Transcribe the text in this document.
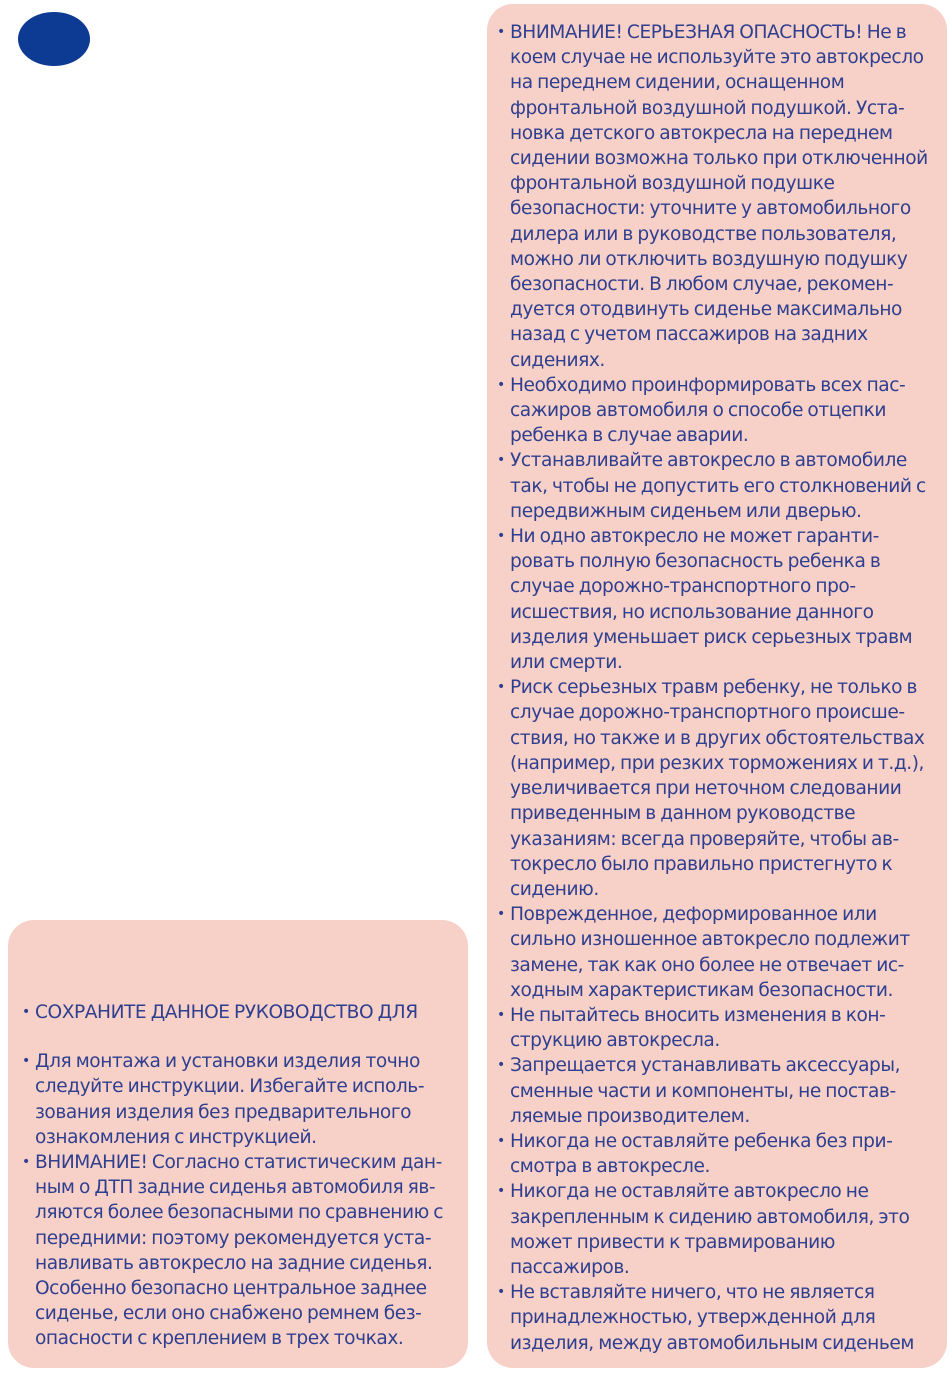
• ВНИМАНИЕ! СЕРЬЕЗНАЯ ОПАСНОСТЬ! Не в коем случае не используйте это автокресло на переднем сидении, оснащенном фронтальной воздушной подушкой. Установка детского автокресла на переднем сидении возможна только при отключенной фронтальной воздушной подушке безопасности: уточните у автомобильного дилера или в руководстве пользователя, можно ли отключить воздушную подушку безопасности. В любом случае, рекомендуется отодвинуть сиденье максимально назад с учетом пассажиров на задних сидениях.
• Необходимо проинформировать всех пассажиров автомобиля о способе отцепки ребенка в случае аварии.
• Устанавливайте автокресло в автомобиле так, чтобы не допустить его столкновений с передвижным сиденьем или дверью.
• Ни одно автокресло не может гарантировать полную безопасность ребенка в случае дорожно-транспортного происшествия, но использование данного изделия уменьшает риск серьезных травм или смерти.
• Риск серьезных травм ребенку, не только в случае дорожно-транспортного происшествия, но также и в других обстоятельствах (например, при резких торможениях и т.д.), увеличивается при неточном следовании приведенным в данном руководстве указаниям: всегда проверяйте, чтобы автокресло было правильно пристегнуто к сидению.
• Поврежденное, деформированное или сильно изношенное автокресло подлежит замене, так как оно более не отвечает исходным характеристикам безопасности.
• Не пытайтесь вносить изменения в конструкцию автокресла.
• Запрещается устанавливать аксессуары, сменные части и компоненты, не поставляемые производителем.
• Никогда не оставляйте ребенка без присмотра в автокресле.
• Никогда не оставляйте автокресло не закрепленным к сидению автомобиля, это может привести к травмированию пассажиров.
• Не вставляйте ничего, что не является принадлежностью, утвержденной для изделия, между автомобильным сиденьем
• СОХРАНИТЕ ДАННОЕ РУКОВОДСТВО ДЛЯ
• Для монтажа и установки изделия точно следуйте инструкции. Избегайте использования изделия без предварительного ознакомления с инструкцией.
• ВНИМАНИЕ! Согласно статистическим данным о ДТП задние сиденья автомобиля являются более безопасными по сравнению с передними: поэтому рекомендуется устанавливать автокресло на задние сиденья. Особенно безопасно центральное заднее сиденье, если оно снабжено ремнем безопасности с креплением в трех точках.
